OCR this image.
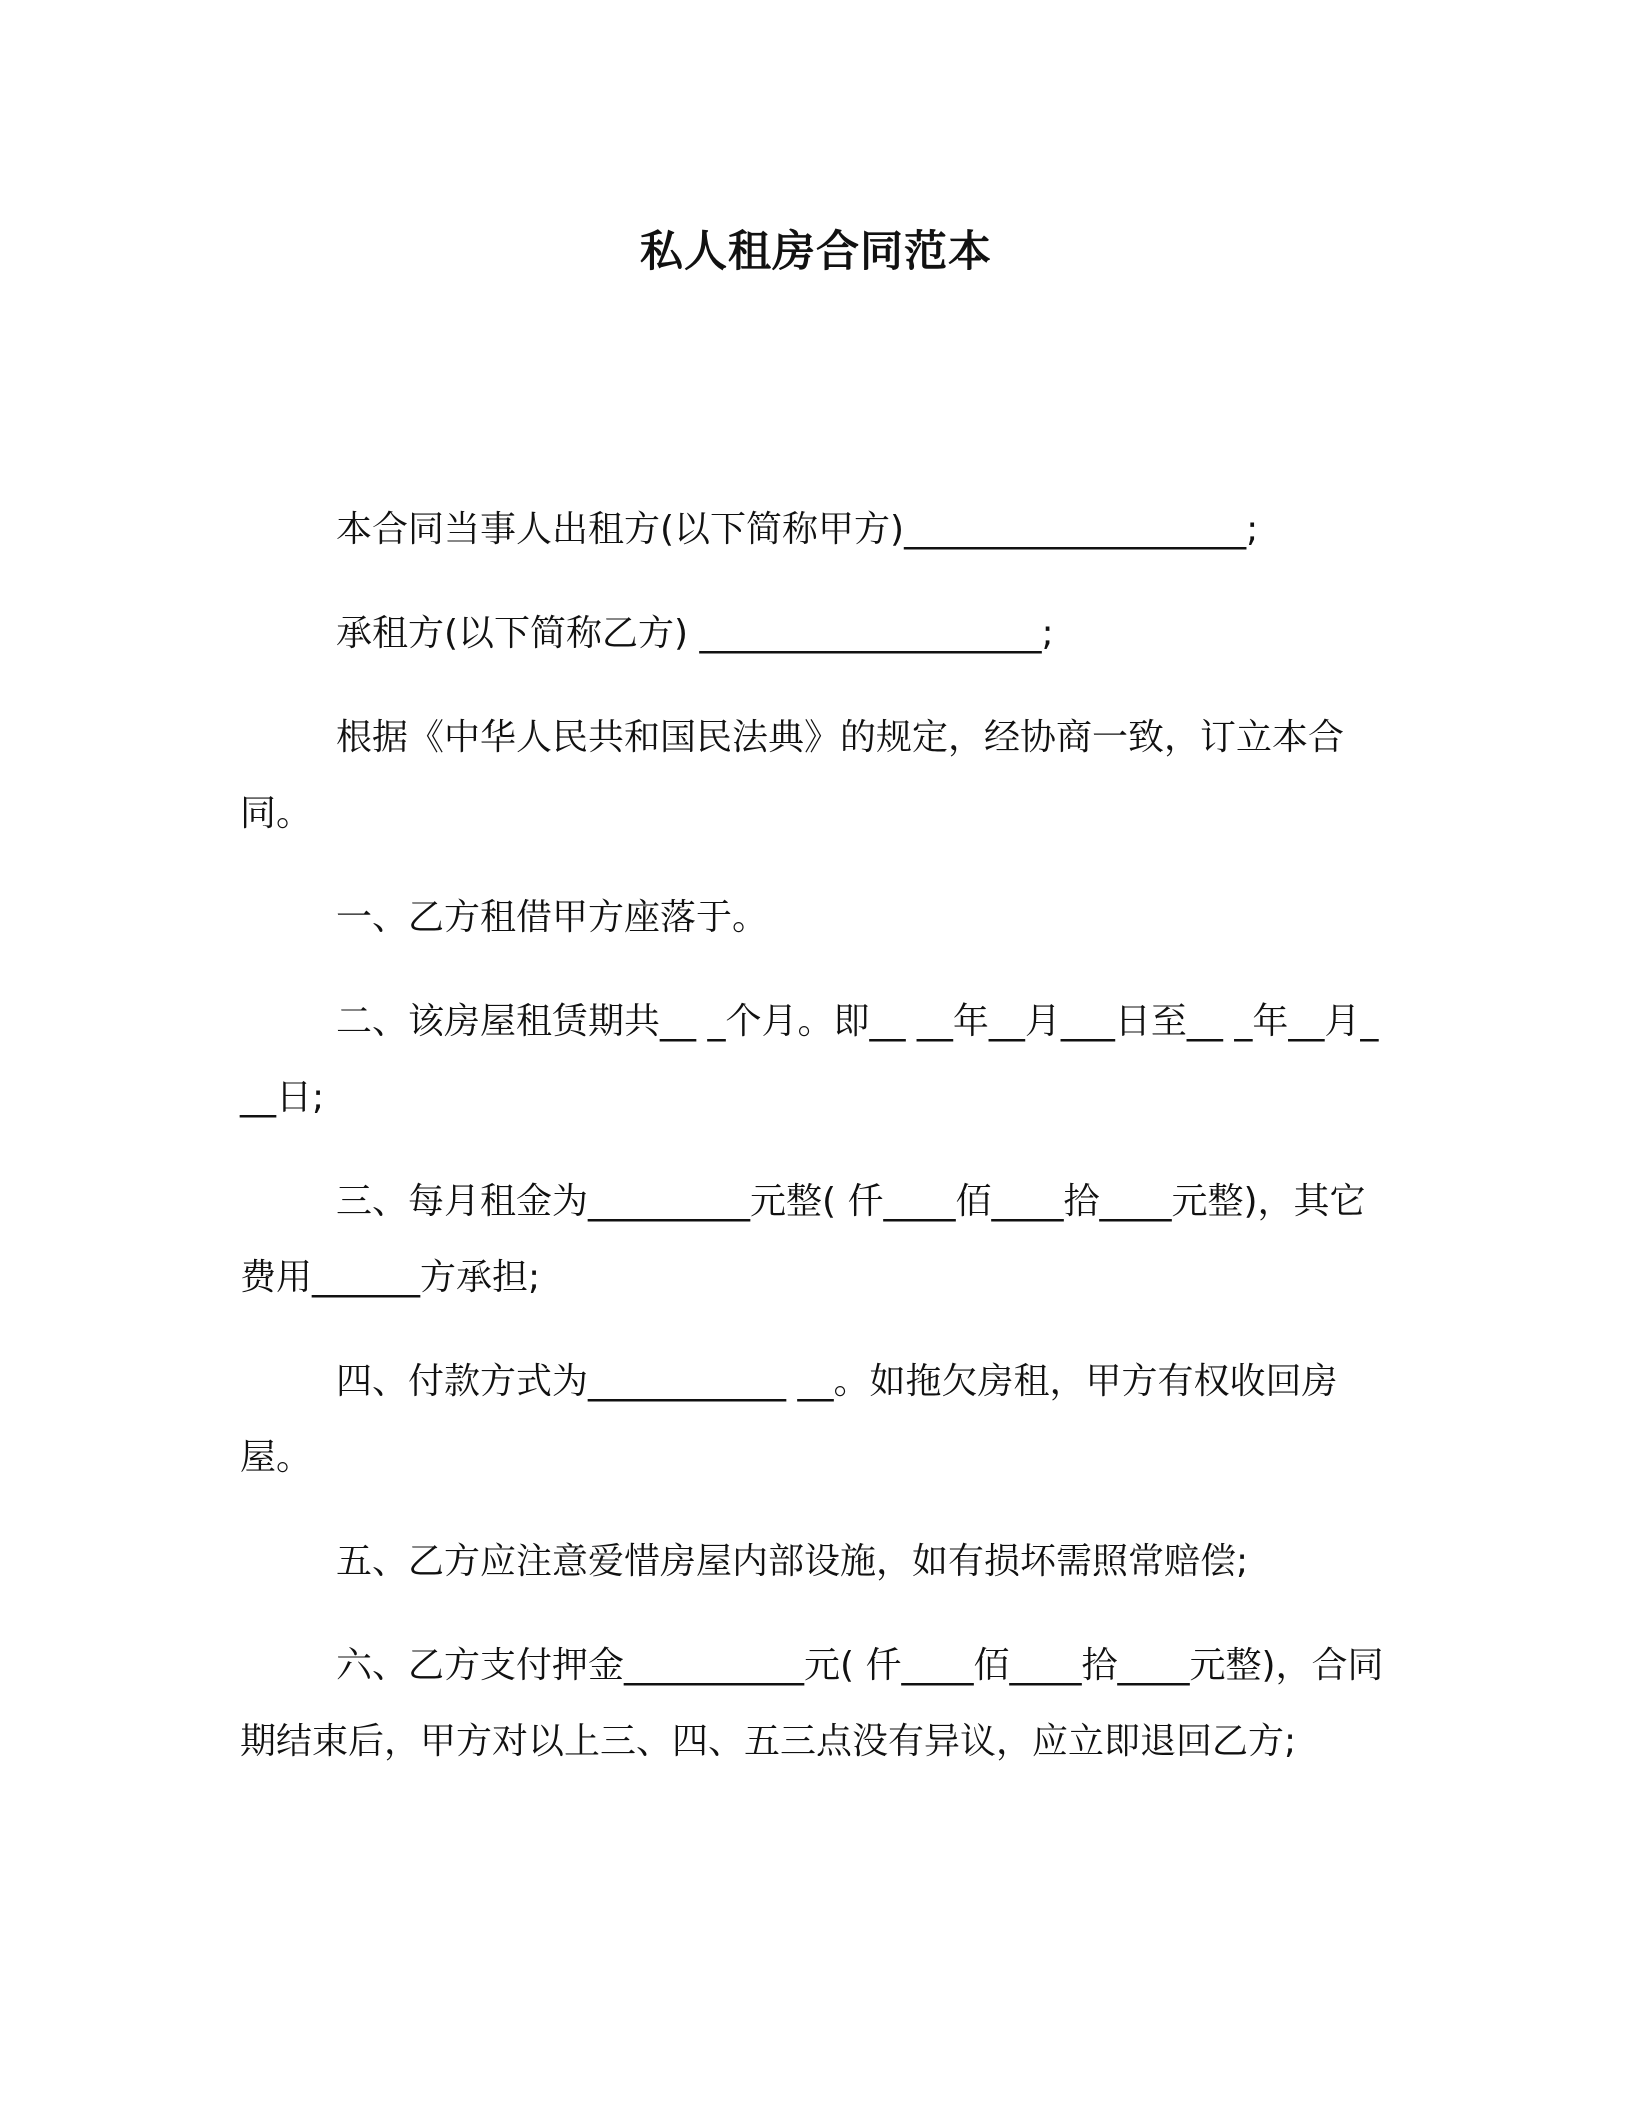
私人租房合同范本

本合同当事人出租方(以下简称甲方)___________________;

承租方(以下简称乙方) ___________________;

根据《中华人民共和国民法典》的规定，经协商一致，订立本合同。

一、乙方租借甲方座落于。

二、该房屋租赁期共__ _个月。即__ __年__月___日至__ _年__月___日;

三、每月租金为_________元整( 仟____佰____拾____元整)，其它费用______方承担;

四、付款方式为___________ __。如拖欠房租，甲方有权收回房屋。

五、乙方应注意爱惜房屋内部设施，如有损坏需照常赔偿;

六、乙方支付押金__________元( 仟____佰____拾____元整)，合同期结束后，甲方对以上三、四、五三点没有异议，应立即退回乙方;
